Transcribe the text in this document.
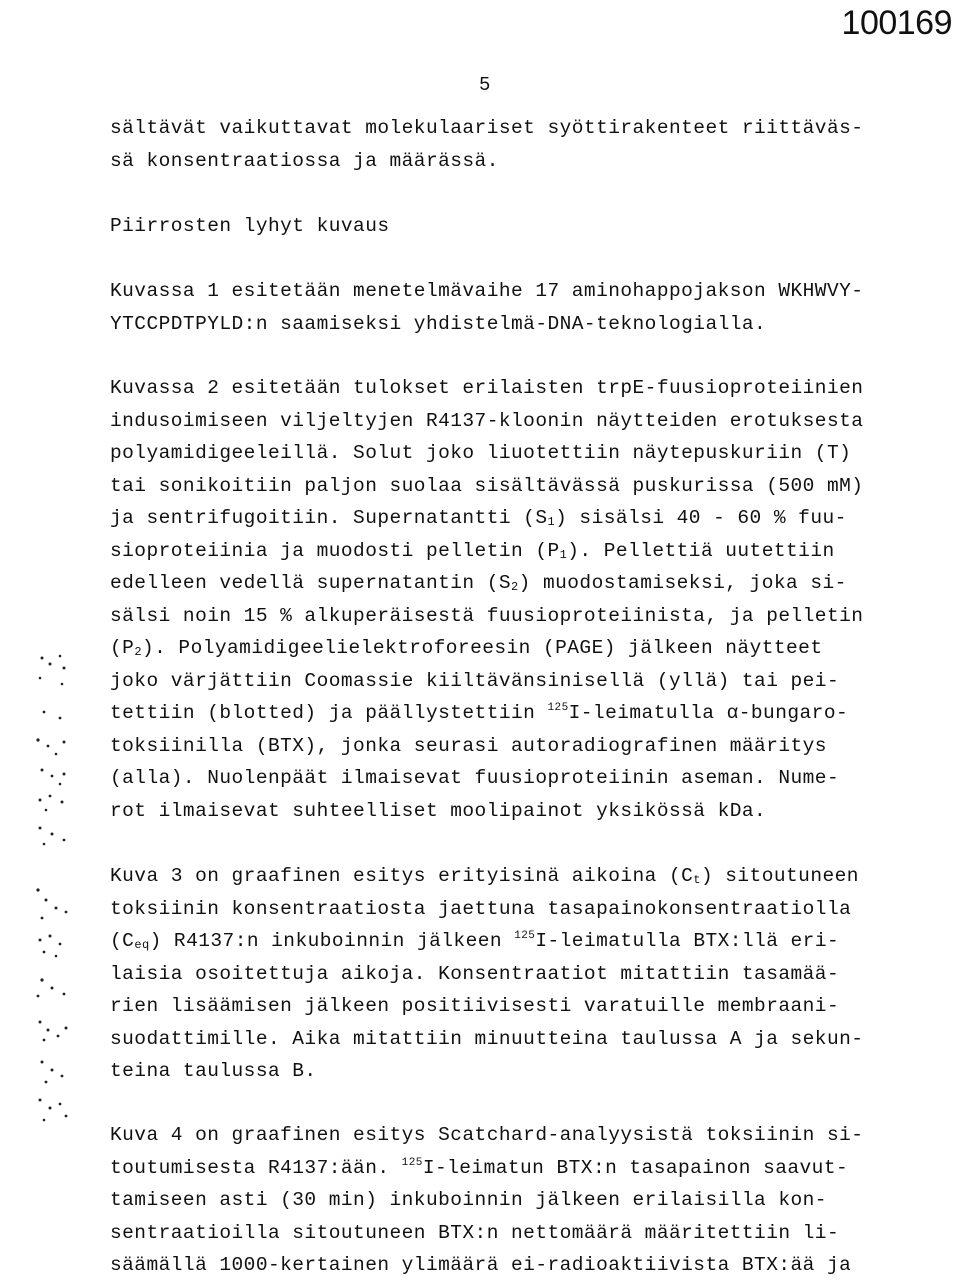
100169
5
sältävät vaikuttavat molekulaariset syöttirakenteet riittäväs-
sä konsentraatiossa ja määrässä.
Piirrosten lyhyt kuvaus
Kuvassa 1 esitetään menetelmävaihe 17 aminohappojakson WKHWVY-
YTCCPDTPYLD:n saamiseksi yhdistelmä-DNA-teknologialla.
Kuvassa 2 esitetään tulokset erilaisten trpE-fuusioproteiinien
indusoimiseen viljeltyjen R4137-kloonin näytteiden erotuksesta
polyamidigeeleillä. Solut joko liuotettiin näytepuskuriin (T)
tai sonikoitiin paljon suolaa sisältävässä puskurissa (500 mM)
ja sentrifugoitiin. Supernatantti $(S_1)$ sisälsi 40 - 60 % fuu-
sioproteiinia ja muodosti pelletin $(P_1)$. Pellettiä uutettiin
edelleen vedellä supernatantin $(S_2)$ muodostamiseksi, joka si-
sälsi noin 15 % alkuperäisestä fuusioproteiinista, ja pelletin
$(P_2)$. Polyamidigeelielektroforeesin (PAGE) jälkeen näytteet
joko värjättiin Coomassie kiiltävänsinisellä (yllä) tai pei-
tettiin (blotted) ja päällystettiin $^{125}$I-leimatulla α-bungaro-
toksiinilla (BTX), jonka seurasi autoradiografinen määritys
(alla). Nuolenpäät ilmaisevat fuusioproteiinin aseman. Nume-
rot ilmaisevat suhteelliset moolipainot yksikössä kDa.
Kuva 3 on graafinen esitys erityisinä aikoina $(C_t)$ sitoutuneen
toksiinin konsentraatiosta jaettuna tasapainokonsentraatiolla
$(C_{eq})$ R4137:n inkuboinnin jälkeen $^{125}$I-leimatulla BTX:llä eri-
laisia osoitettuja aikoja. Konsentraatiot mitattiin tasamää-
rien lisäämisen jälkeen positiivisesti varatuille membraani-
suodattimille. Aika mitattiin minuutteina taulussa A ja sekun-
teina taulussa B.
Kuva 4 on graafinen esitys Scatchard-analyysistä toksiinin si-
toutumisesta R4137:ään. $^{125}$I-leimatun BTX:n tasapainon saavut-
tamiseen asti (30 min) inkuboinnin jälkeen erilaisilla kon-
sentraatioilla sitoutuneen BTX:n nettomäärä määritettiin li-
säämällä 1000-kertainen ylimäärä ei-radioaktiivista BTX:ää ja
